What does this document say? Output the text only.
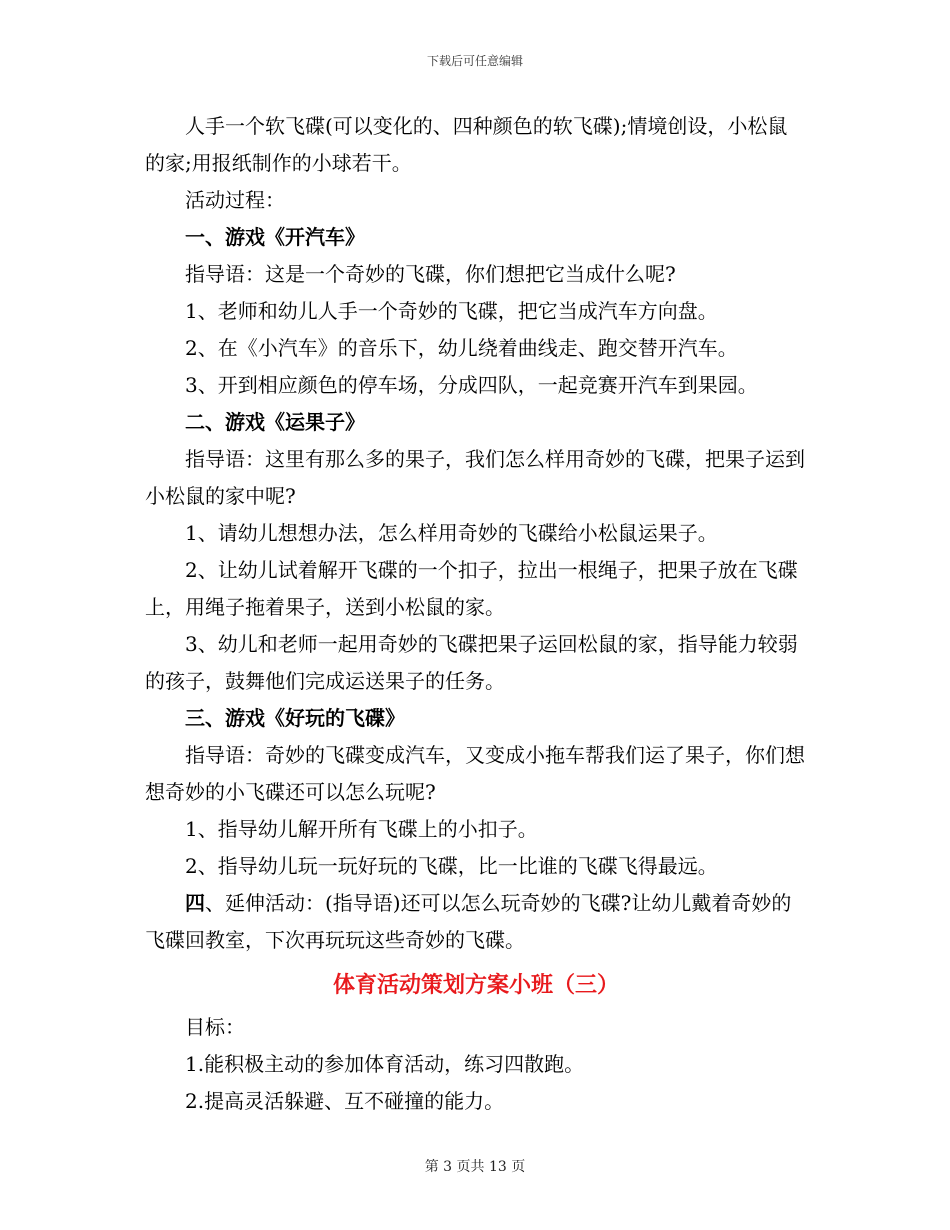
下载后可任意编辑

人手一个软飞碟(可以变化的、四种颜色的软飞碟);情境创设，小松鼠的家;用报纸制作的小球若干。

活动过程：

一、游戏《开汽车》

指导语：这是一个奇妙的飞碟，你们想把它当成什么呢?

1、老师和幼儿人手一个奇妙的飞碟，把它当成汽车方向盘。

2、在《小汽车》的音乐下，幼儿绕着曲线走、跑交替开汽车。

3、开到相应颜色的停车场，分成四队，一起竞赛开汽车到果园。

二、游戏《运果子》

指导语：这里有那么多的果子，我们怎么样用奇妙的飞碟，把果子运到小松鼠的家中呢?

1、请幼儿想想办法，怎么样用奇妙的飞碟给小松鼠运果子。

2、让幼儿试着解开飞碟的一个扣子，拉出一根绳子，把果子放在飞碟上，用绳子拖着果子，送到小松鼠的家。

3、幼儿和老师一起用奇妙的飞碟把果子运回松鼠的家，指导能力较弱的孩子，鼓舞他们完成运送果子的任务。

三、游戏《好玩的飞碟》

指导语：奇妙的飞碟变成汽车，又变成小拖车帮我们运了果子，你们想想奇妙的小飞碟还可以怎么玩呢?

1、指导幼儿解开所有飞碟上的小扣子。

2、指导幼儿玩一玩好玩的飞碟，比一比谁的飞碟飞得最远。

四、延伸活动：(指导语)还可以怎么玩奇妙的飞碟?让幼儿戴着奇妙的飞碟回教室，下次再玩玩这些奇妙的飞碟。

体育活动策划方案小班（三）

目标：

1.能积极主动的参加体育活动，练习四散跑。

2.提高灵活躲避、互不碰撞的能力。

第 3 页共 13 页
